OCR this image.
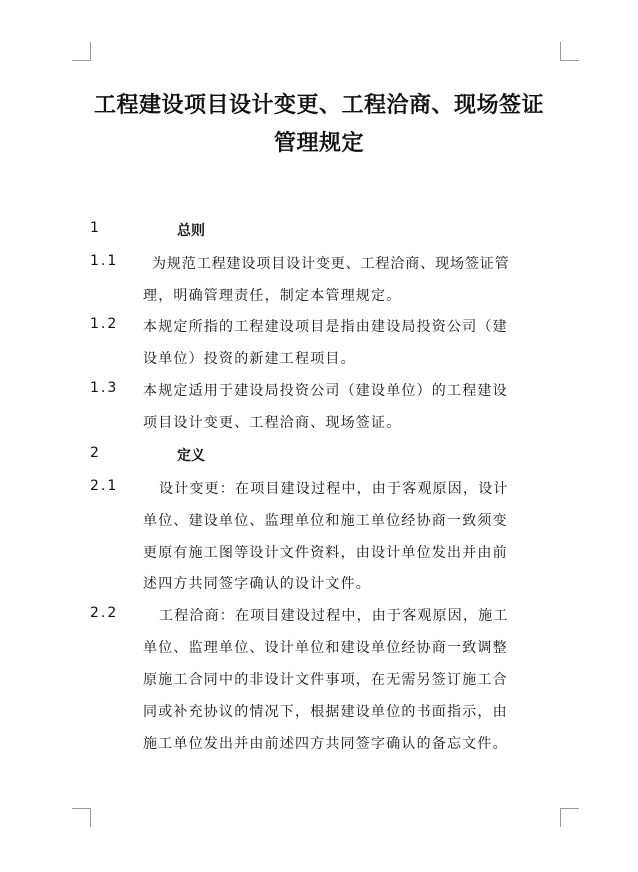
工程建设项目设计变更、工程洽商、现场签证
管理规定
1	总则
1.1 为规范工程建设项目设计变更、工程洽商、现场签证管
理，明确管理责任，制定本管理规定。
1.2 本规定所指的工程建设项目是指由建设局投资公司（建
设单位）投资的新建工程项目。
1.3 本规定适用于建设局投资公司（建设单位）的工程建设
项目设计变更、工程洽商、现场签证。
2	定义
2.1	设计变更：在项目建设过程中，由于客观原因，设计
单位、建设单位、监理单位和施工单位经协商一致须变
更原有施工图等设计文件资料，由设计单位发出并由前
述四方共同签字确认的设计文件。
2.2	工程洽商：在项目建设过程中，由于客观原因，施工
单位、监理单位、设计单位和建设单位经协商一致调整
原施工合同中的非设计文件事项，在无需另签订施工合
同或补充协议的情况下，根据建设单位的书面指示，由
施工单位发出并由前述四方共同签字确认的备忘文件。
